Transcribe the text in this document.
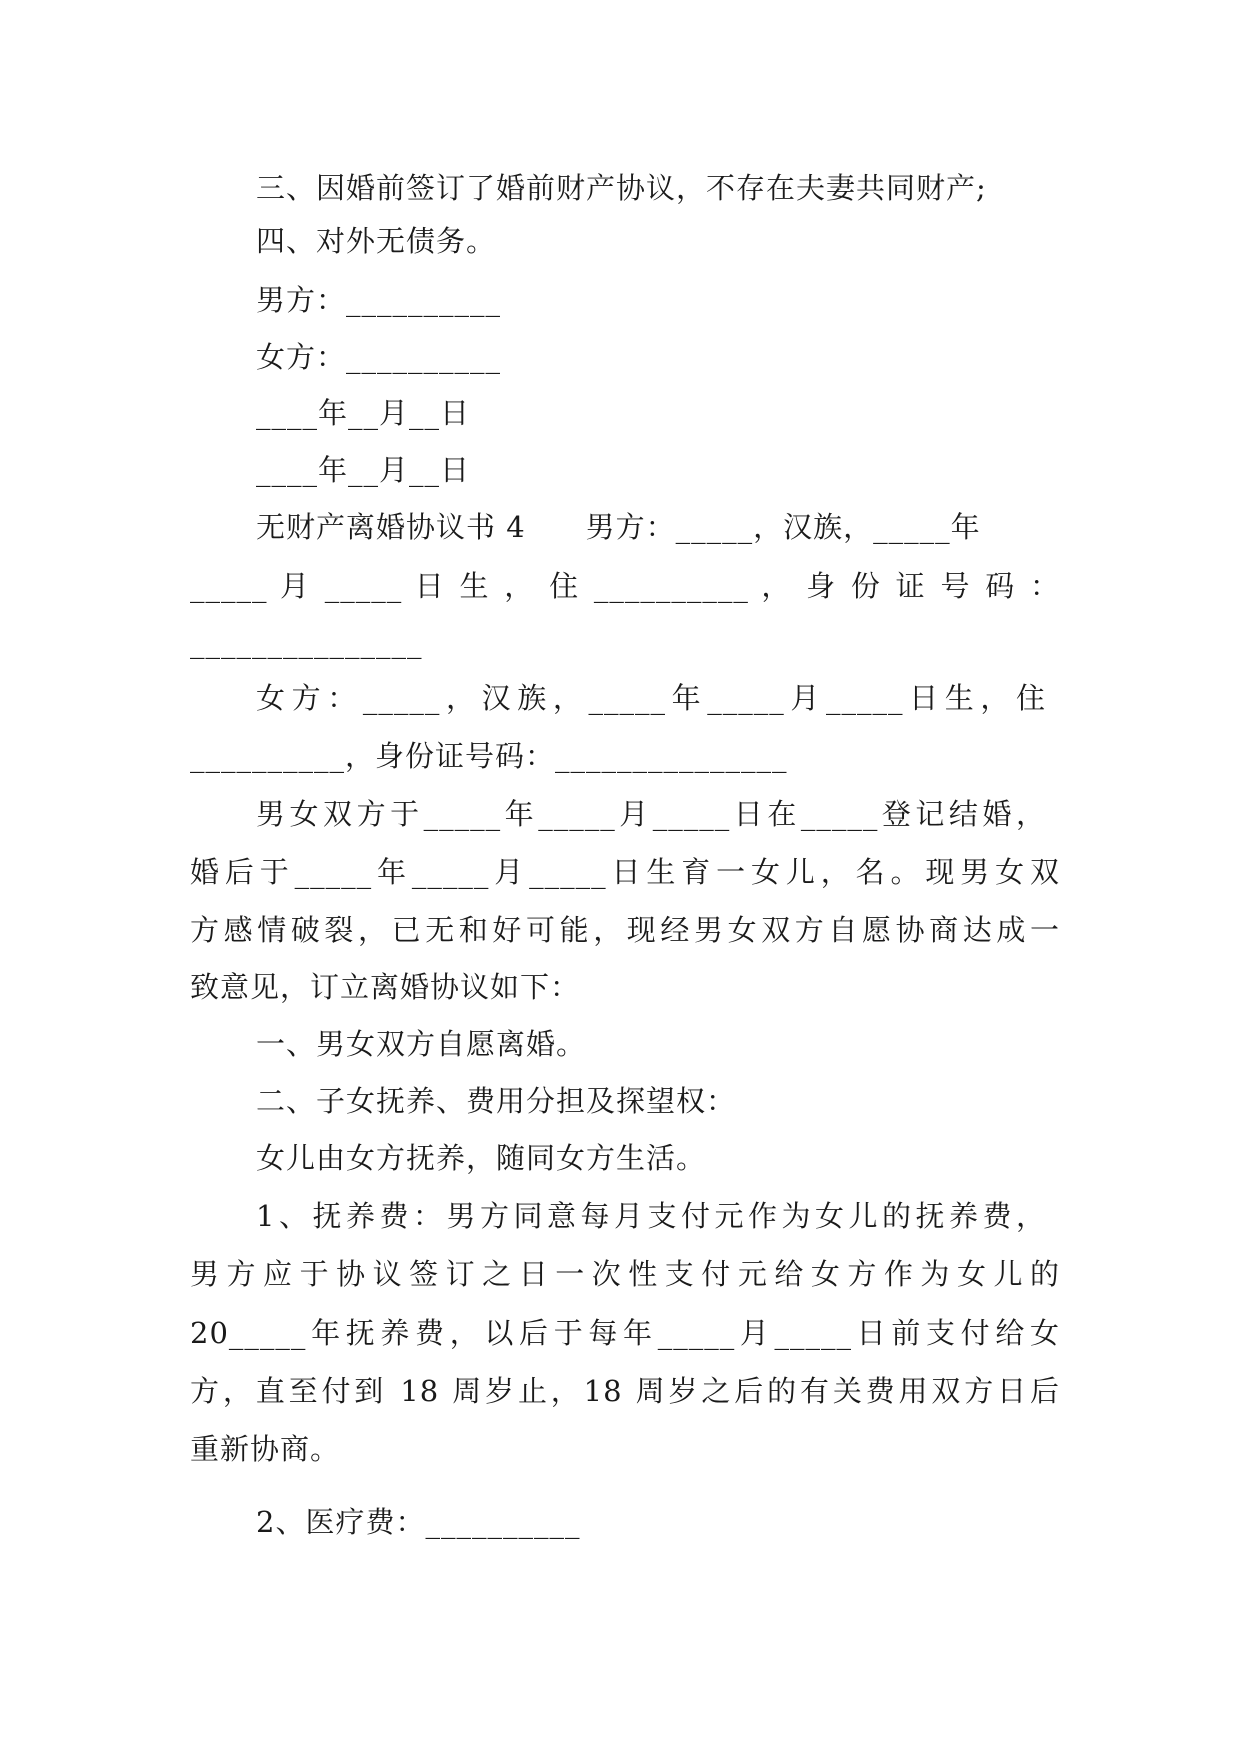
三、因婚前签订了婚前财产协议，不存在夫妻共同财产;
四、对外无债务。
男方：__________
女方：__________
____年__月__日
____年__月__日
无财产离婚协议书 4　　男方：_____，汉族，_____年
_____ 月 _____ 日 生 ， 住 __________ ， 身 份 证 号 码 ：
_______________
女方：_____，汉族，_____年_____月_____日生，住
__________，身份证号码：_______________
男女双方于_____年_____月_____日在_____登记结婚，
婚后于_____年_____月_____日生育一女儿，名。现男女双
方感情破裂，已无和好可能，现经男女双方自愿协商达成一
致意见，订立离婚协议如下：
一、男女双方自愿离婚。
二、子女抚养、费用分担及探望权：
女儿由女方抚养，随同女方生活。
1、抚养费：男方同意每月支付元作为女儿的抚养费，
男方应于协议签订之日一次性支付元给女方作为女儿的
20_____年抚养费，以后于每年_____月_____日前支付给女
方，直至付到 18 周岁止，18 周岁之后的有关费用双方日后
重新协商。
2、医疗费：__________
